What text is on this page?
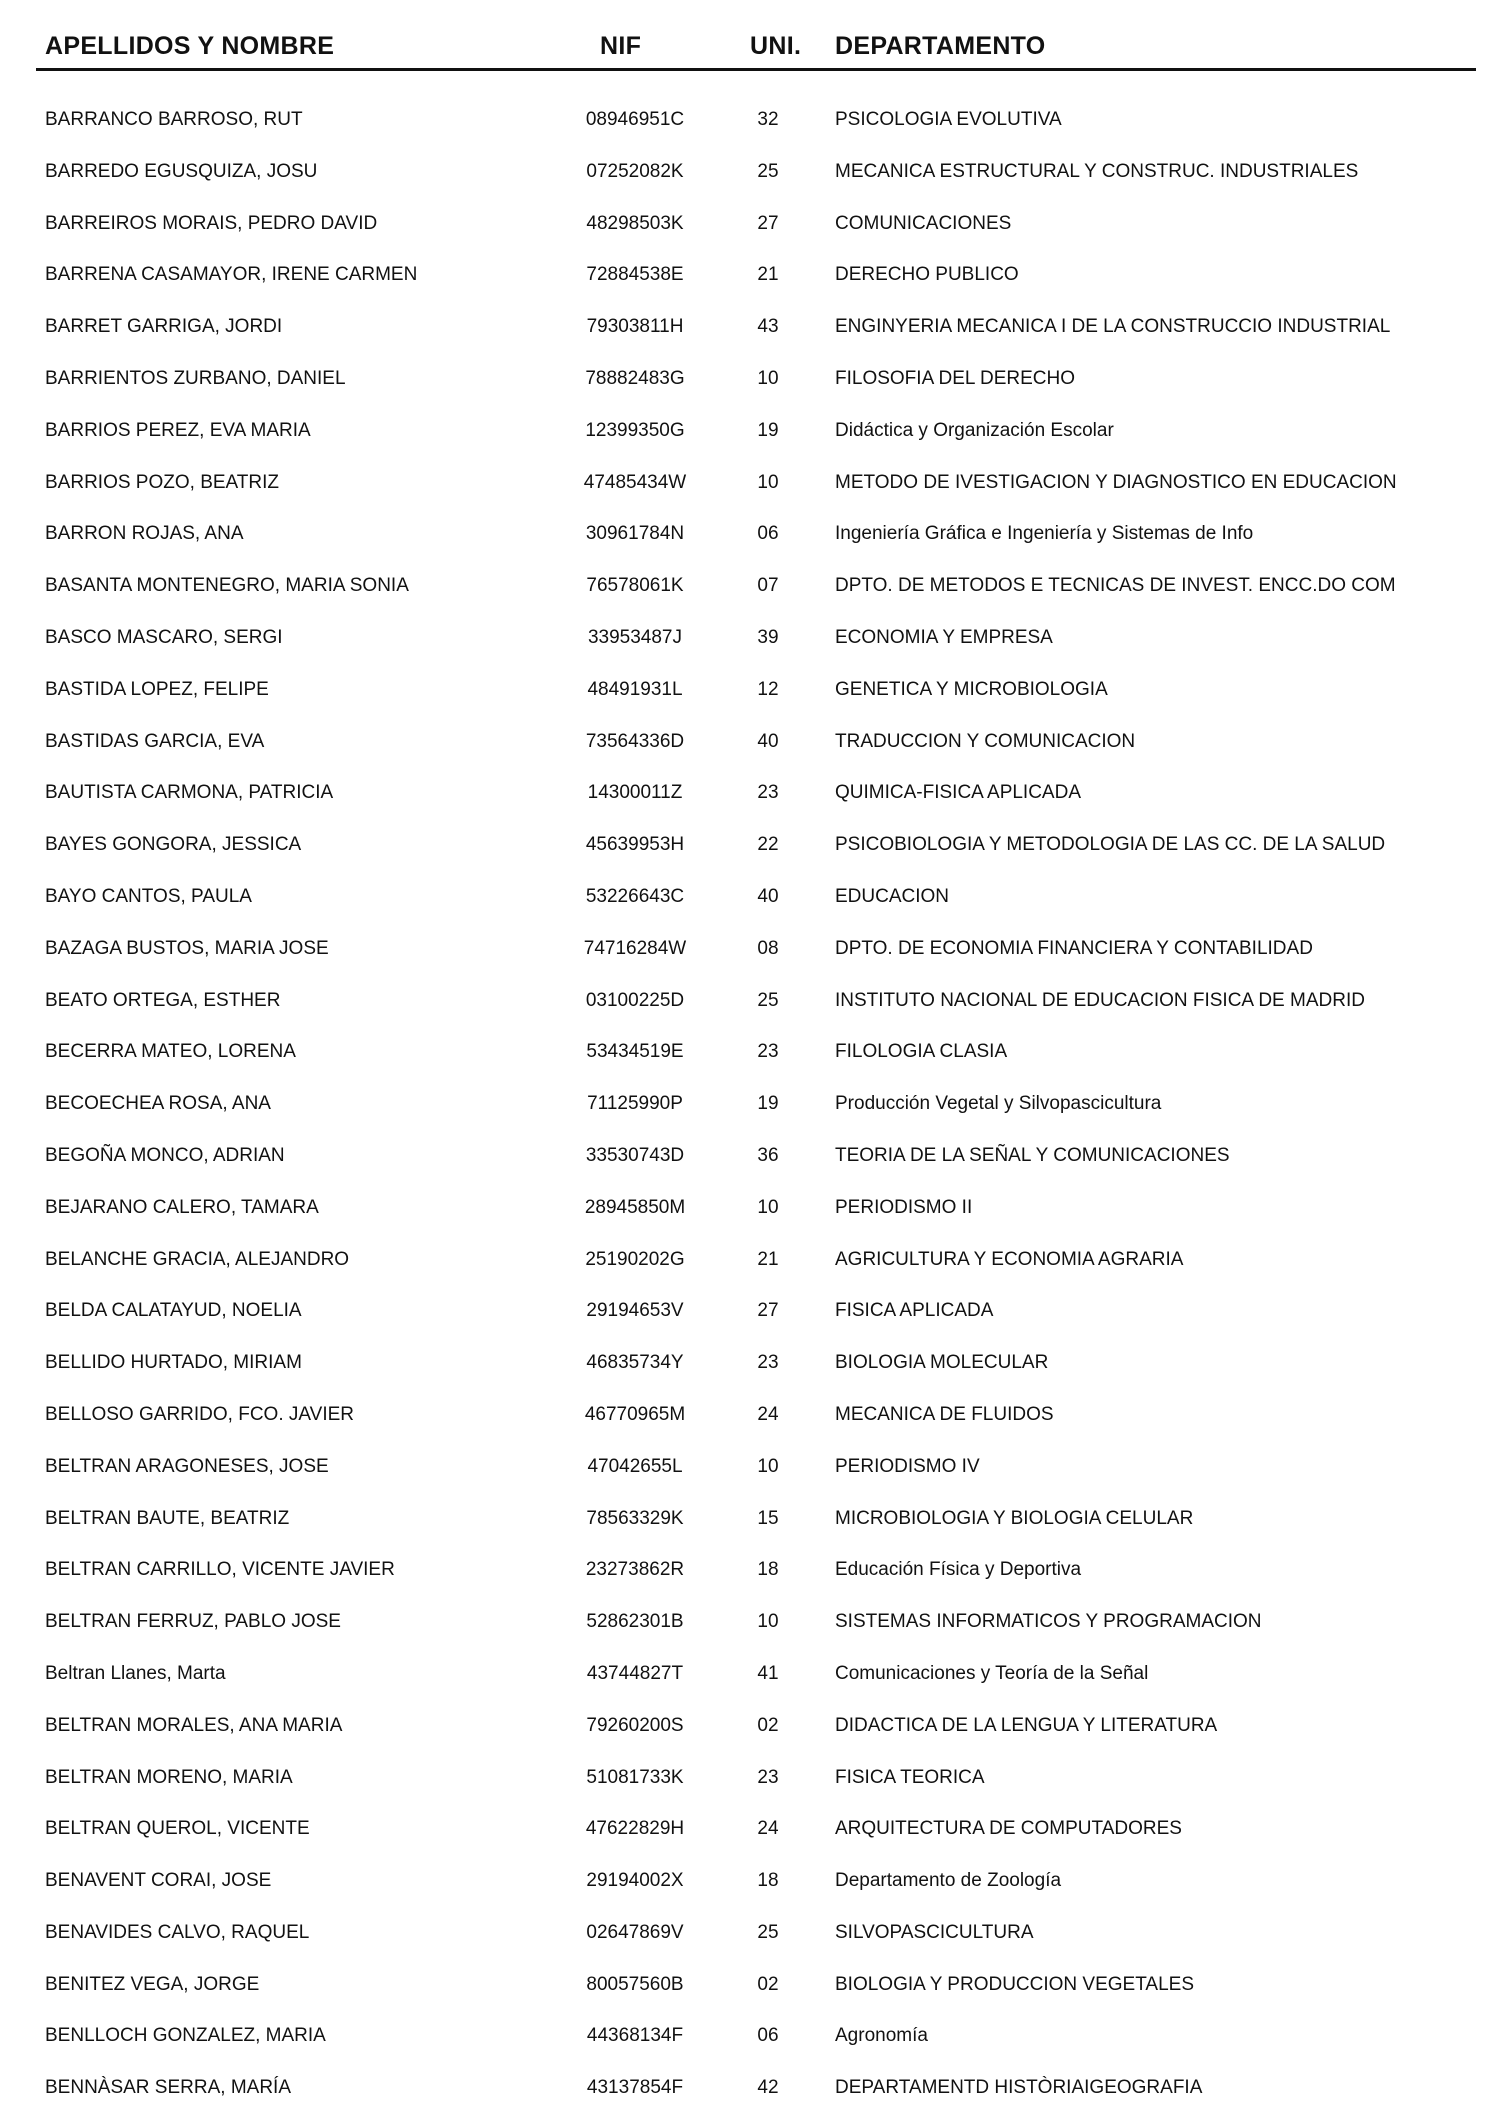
APELLIDOS Y NOMBRE	NIF	UNI. DEPARTAMENTO
BARRANCO BARROSO, RUT	08946951C	32	PSICOLOGIA EVOLUTIVA
BARREDO EGUSQUIZA, JOSU	07252082K	25	MECANICA ESTRUCTURAL Y CONSTRUC. INDUSTRIALES
BARREIROS MORAIS, PEDRO DAVID	48298503K	27	COMUNICACIONES
BARRENA CASAMAYOR, IRENE CARMEN	72884538E	21	DERECHO PUBLICO
BARRET GARRIGA, JORDI	79303811H	43	ENGINYERIA MECANICA I DE LA CONSTRUCCIO INDUSTRIAL
BARRIENTOS ZURBANO, DANIEL	78882483G	10	FILOSOFIA DEL DERECHO
BARRIOS PEREZ, EVA MARIA	12399350G	19	Didáctica y Organización Escolar
BARRIOS POZO, BEATRIZ	47485434W	10	METODO DE IVESTIGACION Y DIAGNOSTICO EN EDUCACION
BARRON ROJAS, ANA	30961784N	06	Ingeniería Gráfica e Ingeniería y Sistemas de Info
BASANTA MONTENEGRO, MARIA SONIA	76578061K	07	DPTO. DE METODOS E TECNICAS DE INVEST. ENCC.DO COM
BASCO MASCARO, SERGI	33953487J	39	ECONOMIA Y EMPRESA
BASTIDA LOPEZ, FELIPE	48491931L	12	GENETICA Y MICROBIOLOGIA
BASTIDAS GARCIA, EVA	73564336D	40	TRADUCCION Y COMUNICACION
BAUTISTA CARMONA, PATRICIA	14300011Z	23	QUIMICA-FISICA APLICADA
BAYES GONGORA, JESSICA	45639953H	22	PSICOBIOLOGIA Y METODOLOGIA DE LAS CC. DE LA SALUD
BAYO CANTOS, PAULA	53226643C	40	EDUCACION
BAZAGA BUSTOS, MARIA JOSE	74716284W	08	DPTO. DE ECONOMIA FINANCIERA Y CONTABILIDAD
BEATO ORTEGA, ESTHER	03100225D	25	INSTITUTO NACIONAL DE EDUCACION FISICA DE MADRID
BECERRA MATEO, LORENA	53434519E	23	FILOLOGIA CLASIA
BECOECHEA ROSA, ANA	71125990P	19	Producción Vegetal y Silvopascicultura
BEGOÑA MONCO, ADRIAN	33530743D	36	TEORIA DE LA SEÑAL Y COMUNICACIONES
BEJARANO CALERO, TAMARA	28945850M	10	PERIODISMO II
BELANCHE GRACIA, ALEJANDRO	25190202G	21	AGRICULTURA Y ECONOMIA AGRARIA
BELDA CALATAYUD, NOELIA	29194653V	27	FISICA APLICADA
BELLIDO HURTADO, MIRIAM	46835734Y	23	BIOLOGIA MOLECULAR
BELLOSO GARRIDO, FCO. JAVIER	46770965M	24	MECANICA DE FLUIDOS
BELTRAN ARAGONESES, JOSE	47042655L	10	PERIODISMO IV
BELTRAN BAUTE, BEATRIZ	78563329K	15	MICROBIOLOGIA Y BIOLOGIA CELULAR
BELTRAN CARRILLO, VICENTE JAVIER	23273862R	18	Educación Física y Deportiva
BELTRAN FERRUZ, PABLO JOSE	52862301B	10	SISTEMAS INFORMATICOS Y PROGRAMACION
Beltran Llanes, Marta	43744827T	41	Comunicaciones y Teoría de la Señal
BELTRAN MORALES, ANA MARIA	79260200S	02	DIDACTICA DE LA LENGUA Y LITERATURA
BELTRAN MORENO, MARIA	51081733K	23	FISICA TEORICA
BELTRAN QUEROL, VICENTE	47622829H	24	ARQUITECTURA DE COMPUTADORES
BENAVENT CORAI, JOSE	29194002X	18	Departamento de Zoología
BENAVIDES CALVO, RAQUEL	02647869V	25	SILVOPASCICULTURA
BENITEZ VEGA, JORGE	80057560B	02	BIOLOGIA Y PRODUCCION VEGETALES
BENLLOCH GONZALEZ, MARIA	44368134F	06	Agronomía
BENNÀSAR SERRA, MARÍA	43137854F	42	DEPARTAMENTD HISTÒRIAIGEOGRAFIA
